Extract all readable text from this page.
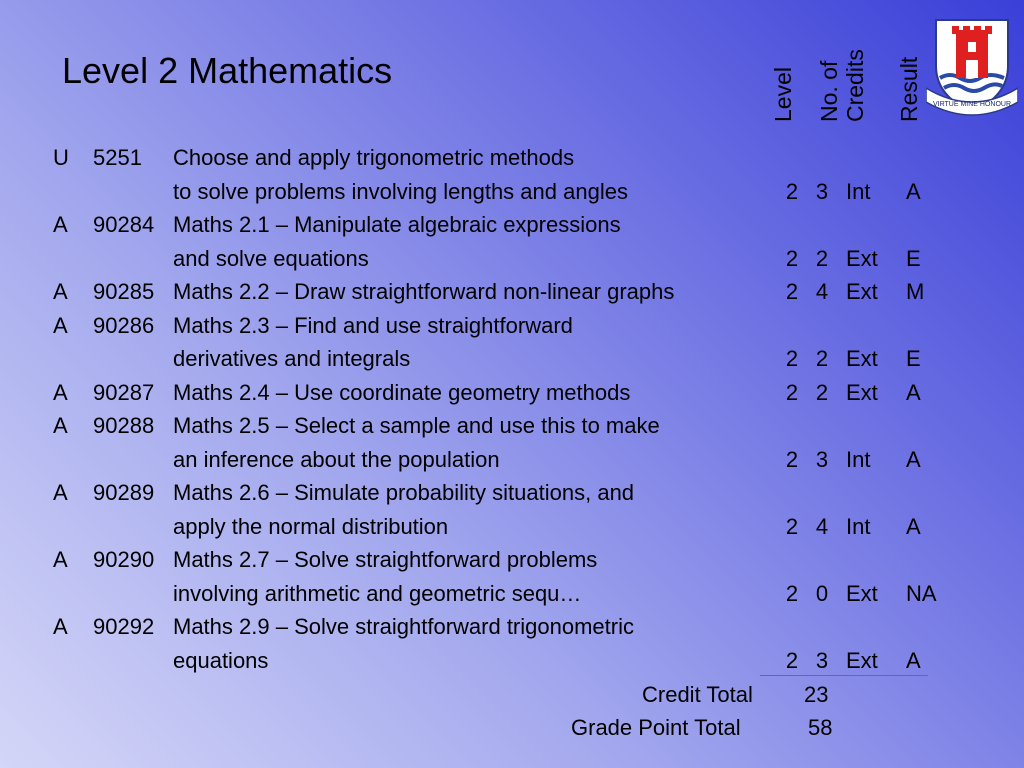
Level 2 Mathematics	Level No. of Credits Result VIRTUE MINE HONOUR
U 5251 Choose and apply trigonometric methods
to solve problems involving lengths and angles	2 3 Int A
A 90284 Maths 2.1 – Manipulate algebraic expressions
and solve equations	2 2 Ext E
A 90285 Maths 2.2 – Draw straightforward non-linear graphs	2 4 Ext M
A 90286 Maths 2.3 – Find and use straightforward
derivatives and integrals	2 2 Ext E
A 90287 Maths 2.4 – Use coordinate geometry methods	2 2 Ext A
A 90288 Maths 2.5 – Select a sample and use this to make
an inference about the population	2 3 Int A
A 90289 Maths 2.6 – Simulate probability situations, and
apply the normal distribution	2 4 Int A
A 90290 Maths 2.7 – Solve straightforward problems
involving arithmetic and geometric sequ…	2 0 Ext NA
A 90292 Maths 2.9 – Solve straightforward trigonometric
equations	2 3 Ext A
Credit Total 23
Grade Point Total	58
